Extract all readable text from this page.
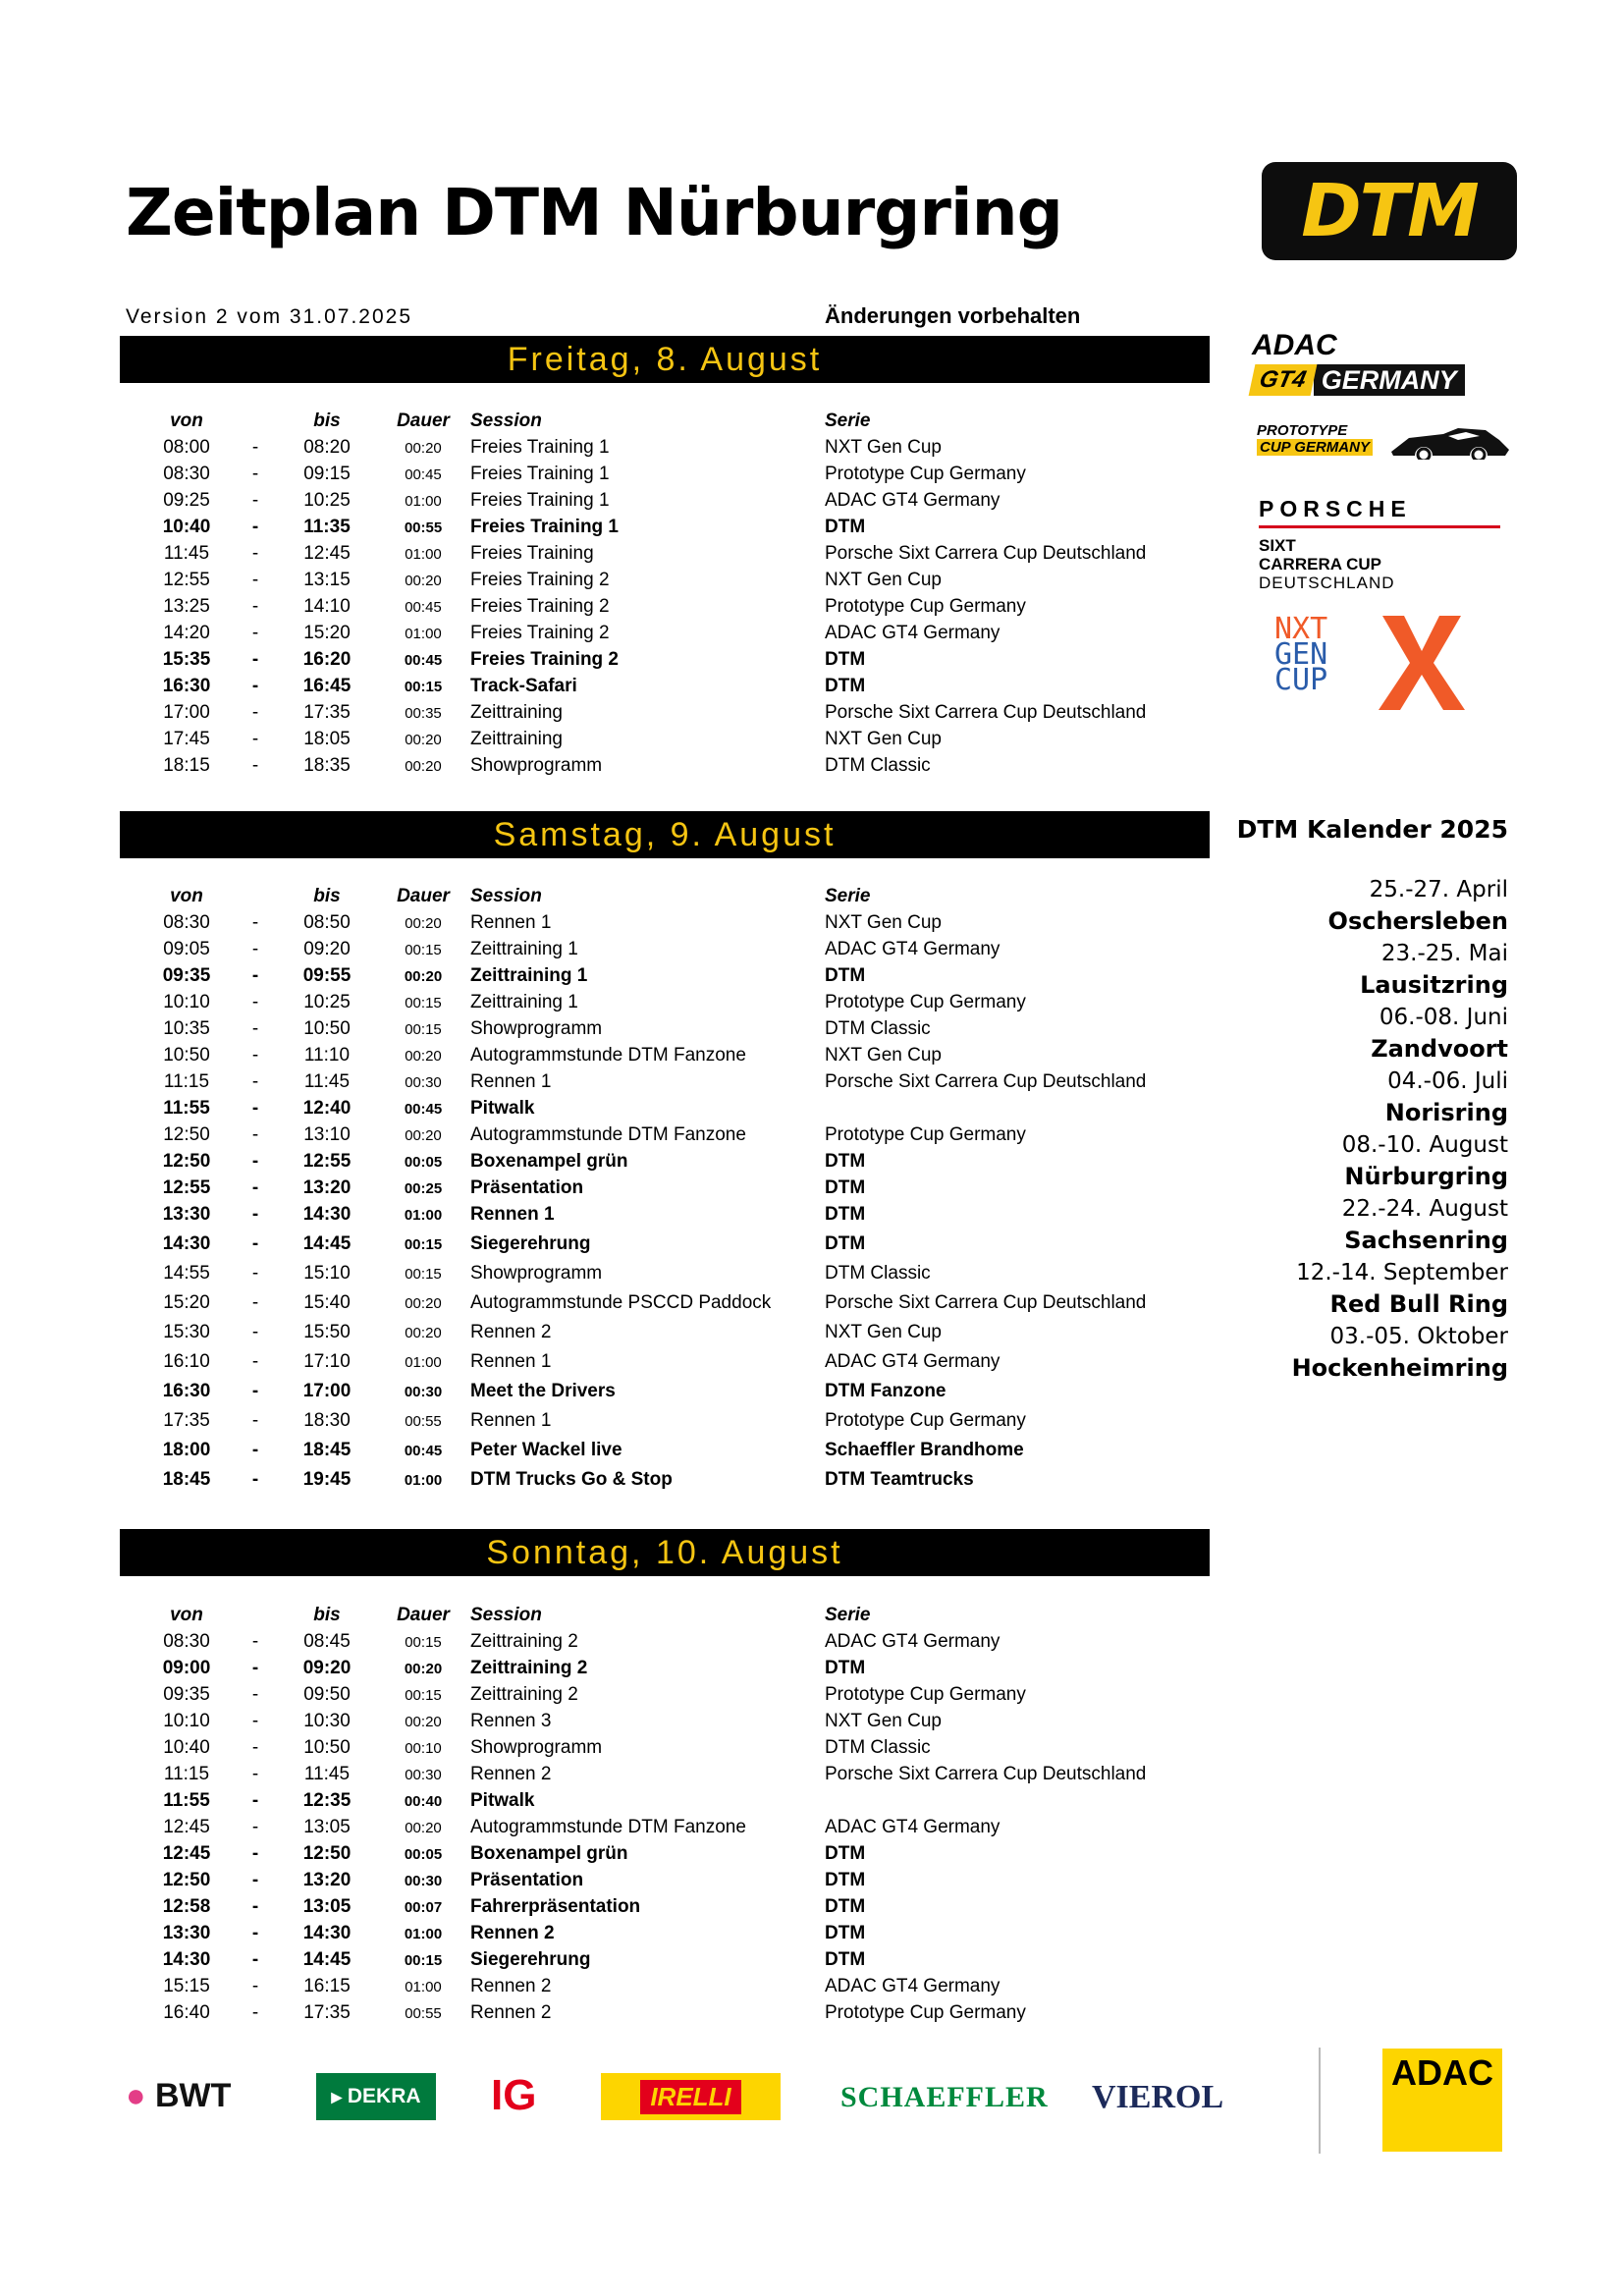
Zeitplan DTM Nürburgring
Version 2 vom 31.07.2025	Änderungen vorbehalten
DTM
ADAC
GT4 GERMANY
PROTOTYPE
CUP GERMANY
PORSCHE
SIXT
CARRERA CUP
DEUTSCHLAND
NXT
GEN
CUP
Freitag, 8. August
von	bis	Dauer	Session	Serie
08:00	-	08:20	00:20	Freies Training 1	NXT Gen Cup
08:30	-	09:15	00:45	Freies Training 1	Prototype Cup Germany
09:25	-	10:25	01:00	Freies Training 1	ADAC GT4 Germany
10:40	-	11:35	00:55	Freies Training 1	DTM
11:45	-	12:45	01:00	Freies Training	Porsche Sixt Carrera Cup Deutschland
12:55	-	13:15	00:20	Freies Training 2	NXT Gen Cup
13:25	-	14:10	00:45	Freies Training 2	Prototype Cup Germany
14:20	-	15:20	01:00	Freies Training 2	ADAC GT4 Germany
15:35	-	16:20	00:45	Freies Training 2	DTM
16:30	-	16:45	00:15	Track-Safari	DTM
17:00	-	17:35	00:35	Zeittraining	Porsche Sixt Carrera Cup Deutschland
17:45	-	18:05	00:20	Zeittraining	NXT Gen Cup
18:15	-	18:35	00:20	Showprogramm	DTM Classic
Samstag, 9. August
von	bis	Dauer	Session	Serie
08:30	-	08:50	00:20	Rennen 1	NXT Gen Cup
09:05	-	09:20	00:15	Zeittraining 1	ADAC GT4 Germany
09:35	-	09:55	00:20	Zeittraining 1	DTM
10:10	-	10:25	00:15	Zeittraining 1	Prototype Cup Germany
10:35	-	10:50	00:15	Showprogramm	DTM Classic
10:50	-	11:10	00:20	Autogrammstunde DTM Fanzone	NXT Gen Cup
11:15	-	11:45	00:30	Rennen 1	Porsche Sixt Carrera Cup Deutschland
11:55	-	12:40	00:45	Pitwalk
12:50	-	13:10	00:20	Autogrammstunde DTM Fanzone	Prototype Cup Germany
12:50	-	12:55	00:05	Boxenampel grün	DTM
12:55	-	13:20	00:25	Präsentation	DTM
13:30	-	14:30	01:00	Rennen 1	DTM
14:30	-	14:45	00:15	Siegerehrung	DTM
14:55	-	15:10	00:15	Showprogramm	DTM Classic
15:20	-	15:40	00:20	Autogrammstunde PSCCD Paddock	Porsche Sixt Carrera Cup Deutschland
15:30	-	15:50	00:20	Rennen 2	NXT Gen Cup
16:10	-	17:10	01:00	Rennen 1	ADAC GT4 Germany
16:30	-	17:00	00:30	Meet the Drivers	DTM Fanzone
17:35	-	18:30	00:55	Rennen 1	Prototype Cup Germany
18:00	-	18:45	00:45	Peter Wackel live	Schaeffler Brandhome
18:45	-	19:45	01:00	DTM Trucks Go & Stop	DTM Teamtrucks
Sonntag, 10. August
von	bis	Dauer	Session	Serie
08:30	-	08:45	00:15	Zeittraining 2	ADAC GT4 Germany
09:00	-	09:20	00:20	Zeittraining 2	DTM
09:35	-	09:50	00:15	Zeittraining 2	Prototype Cup Germany
10:10	-	10:30	00:20	Rennen 3	NXT Gen Cup
10:40	-	10:50	00:10	Showprogramm	DTM Classic
11:15	-	11:45	00:30	Rennen 2	Porsche Sixt Carrera Cup Deutschland
11:55	-	12:35	00:40	Pitwalk
12:45	-	13:05	00:20	Autogrammstunde DTM Fanzone	ADAC GT4 Germany
12:45	-	12:50	00:05	Boxenampel grün	DTM
12:50	-	13:20	00:30	Präsentation	DTM
12:58	-	13:05	00:07	Fahrerpräsentation	DTM
13:30	-	14:30	01:00	Rennen 2	DTM
14:30	-	14:45	00:15	Siegerehrung	DTM
15:15	-	16:15	01:00	Rennen 2	ADAC GT4 Germany
16:40	-	17:35	00:55	Rennen 2	Prototype Cup Germany
DTM Kalender 2025
25.-27. April
Oschersleben
23.-25. Mai
Lausitzring
06.-08. Juni
Zandvoort
04.-06. Juli
Norisring
08.-10. August
Nürburgring
22.-24. August
Sachsenring
12.-14. September
Red Bull Ring
03.-05. Oktober
Hockenheimring
● BWT	▸ DEKRA IG	IRELLI	SCHAEFFLER VIEROL
ADAC
